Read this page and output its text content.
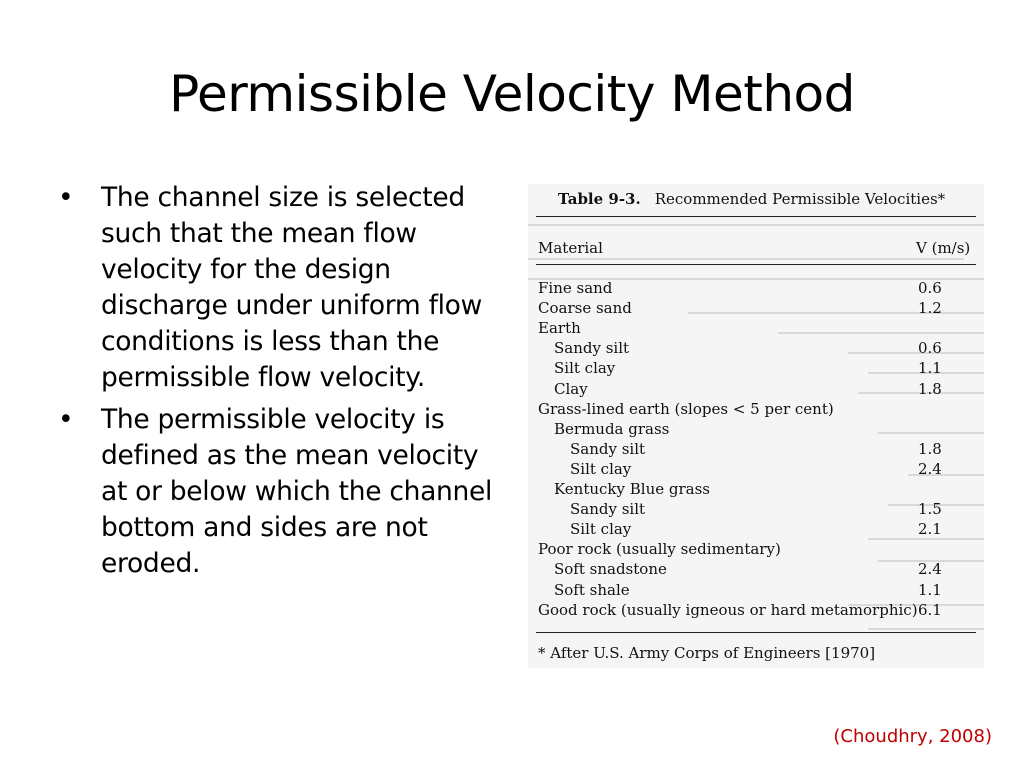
Permissible Velocity Method
• The channel size is selected such that the mean flow velocity for the design discharge under uniform flow conditions is less than the permissible flow velocity.
• The permissible velocity is defined as the mean velocity at or below which the channel bottom and sides are not eroded.
Table 9-3. Recommended Permissible Velocities*
Material	V (m/s)
Fine sand	0.6
Coarse sand	1.2
Earth
Sandy silt	0.6
Silt clay	1.1
Clay	1.8
Grass-lined earth (slopes < 5 per cent)
Bermuda grass
Sandy silt	1.8
Silt clay	2.4
Kentucky Blue grass
Sandy silt	1.5
Silt clay	2.1
Poor rock (usually sedimentary)
Soft snadstone	2.4
Soft shale	1.1
Good rock (usually igneous or hard metamorphic) 6.1
* After U.S. Army Corps of Engineers [1970]
(Choudhry, 2008)
